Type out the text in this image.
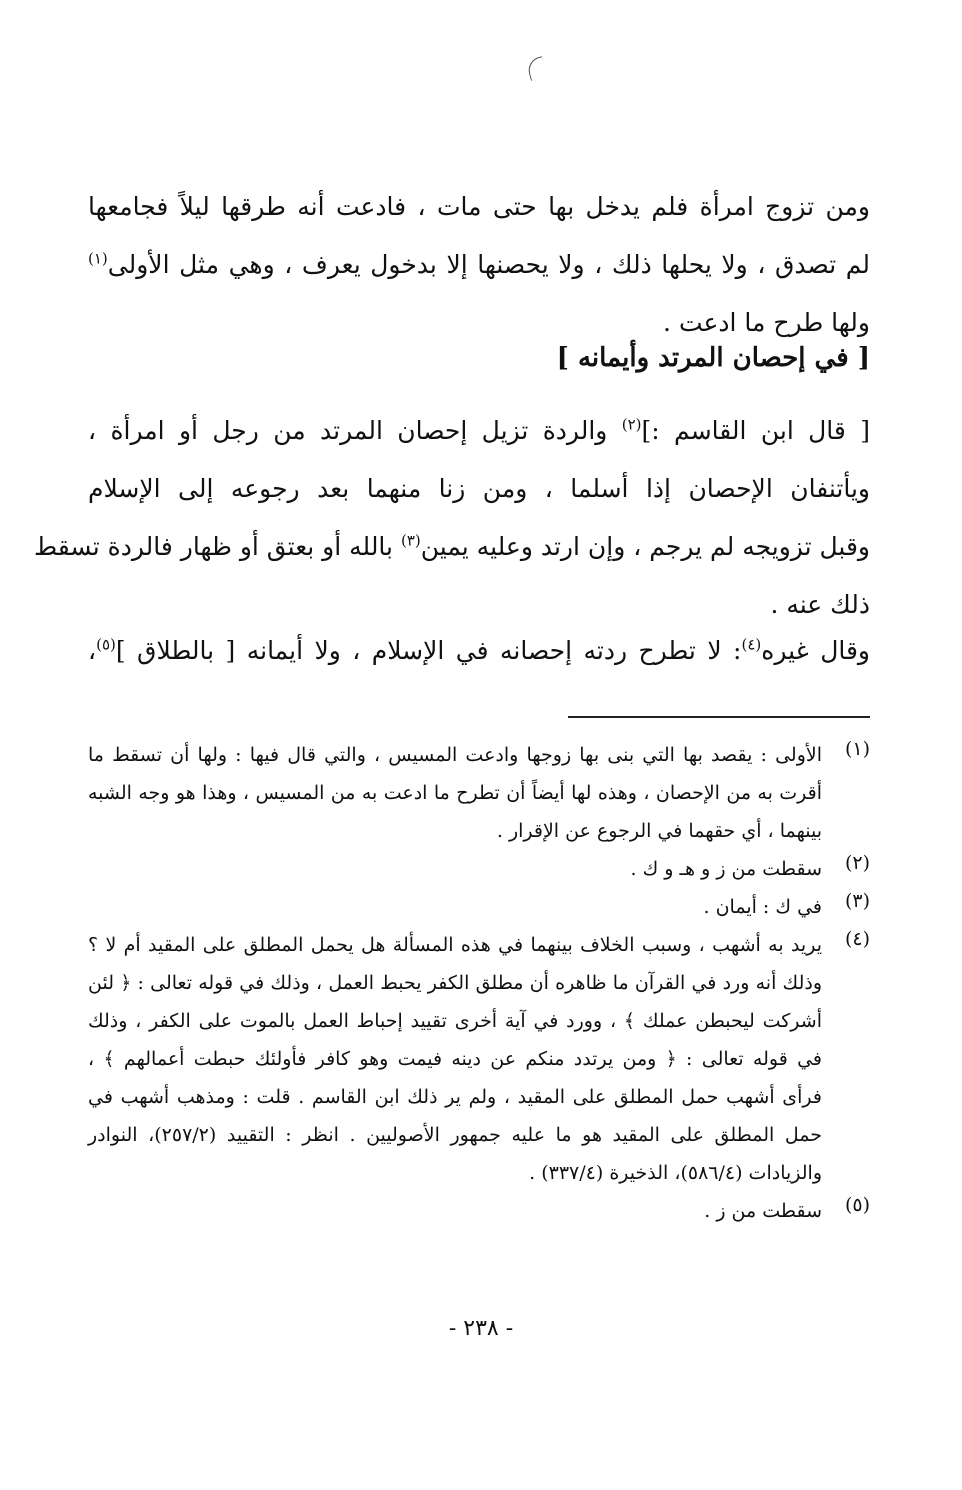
ومن تزوج امرأة فلم يدخل بها حتى مات ، فادعت أنه طرقها ليلاً فجامعها
لم تصدق ، ولا يحلها ذلك ، ولا يحصنها إلا بدخول يعرف ، وهي مثل الأولى$^{(١)}$
ولها طرح ما ادعت .
[ في إحصان المرتد وأيمانه ]
[ قال ابن القاسم :]$^{(٢)}$ والردة تزيل إحصان المرتد من رجل أو امرأة ،
ويأتنفان الإحصان إذا أسلما ، ومن زنا منهما بعد رجوعه إلى الإسلام
وقبل تزويجه لم يرجم ، وإن ارتد وعليه يمين$^{(٣)}$ بالله أو بعتق أو ظهار فالردة تسقط
ذلك عنه .
وقال غيره$^{(٤)}$: لا تطرح ردته إحصانه في الإسلام ، ولا أيمانه [ بالطلاق ]$^{(٥)}$،
(١)
الأولى : يقصد بها التي بنى بها زوجها وادعت المسيس ، والتي قال فيها : ولها أن تسقط ما
أقرت به من الإحصان ، وهذه لها أيضاً أن تطرح ما ادعت به من المسيس ، وهذا هو وجه الشبه
بينهما ، أي حقهما في الرجوع عن الإقرار .
(٢)
سقطت من ز و هـ و ك .
(٣)
في ك : أيمان .
(٤)
يريد به أشهب ، وسبب الخلاف بينهما في هذه المسألة هل يحمل المطلق على المقيد أم لا ؟
وذلك أنه ورد في القرآن ما ظاهره أن مطلق الكفر يحبط العمل ، وذلك في قوله تعالى : ﴿ لئن
أشركت ليحبطن عملك ﴾ ، وورد في آية أخرى تقييد إحباط العمل بالموت على الكفر ، وذلك
في قوله تعالى : ﴿ ومن يرتدد منكم عن دينه فيمت وهو كافر فأولئك حبطت أعمالهم ﴾ ،
فرأى أشهب حمل المطلق على المقيد ، ولم ير ذلك ابن القاسم . قلت : ومذهب أشهب في
حمل المطلق على المقيد هو ما عليه جمهور الأصوليين . انظر : التقييد (٢٥٧/٢)، النوادر
والزيادات (٥٨٦/٤)، الذخيرة (٣٣٧/٤) .
(٥)
سقطت من ز .
- ٢٣٨ -
